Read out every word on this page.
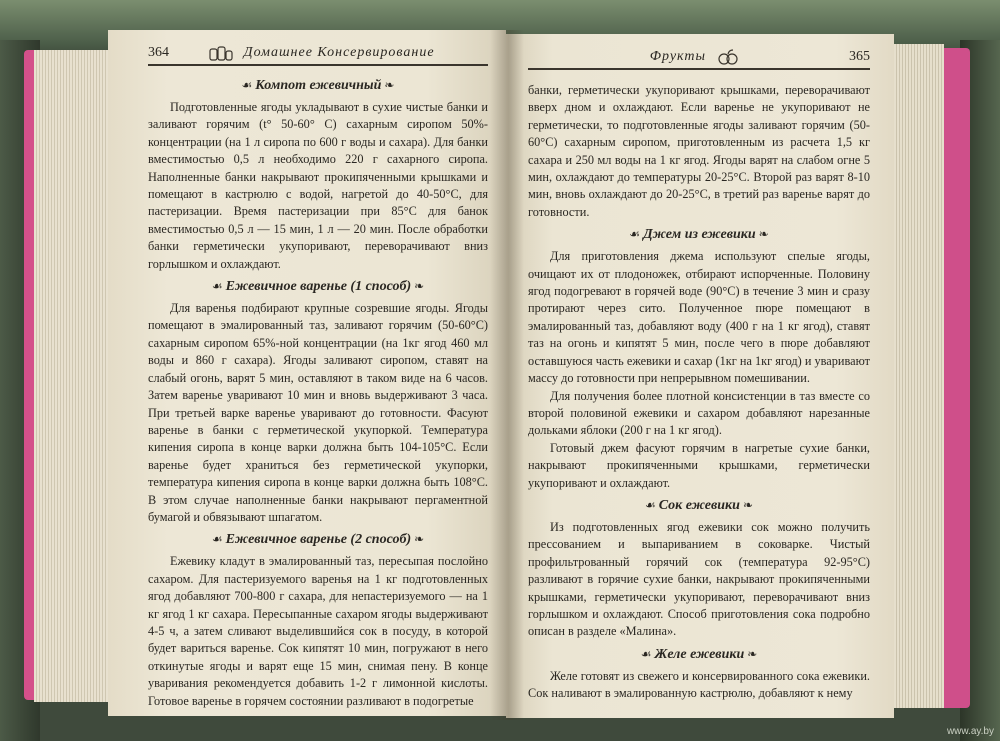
364	Домашнее Консервирование
☙ Компот ежевичный ❧

Подготовленные ягоды укладывают в сухие чистые банки и заливают горячим (t° 50-60° С) сахарным сиропом 50%-концентрации (на 1 л сиропа по 600 г воды и сахара). Для банки вместимостью 0,5 л необходимо 220 г сахарного сиропа. Наполненные банки накрывают прокипяченными крышками и помещают в кастрюлю с водой, нагретой до 40-50°С, для пастеризации. Время пастеризации при 85°С для банок вместимостью 0,5 л — 15 мин, 1 л — 20 мин. После обработки банки герметически укупоривают, переворачивают вниз горлышком и охлаждают.

☙ Ежевичное варенье (1 способ) ❧

Для варенья подбирают крупные созревшие ягоды. Ягоды помещают в эмалированный таз, заливают горячим (50-60°С) сахарным сиропом 65%-ной концентрации (на 1кг ягод 460 мл воды и 860 г сахара). Ягоды заливают сиропом, ставят на слабый огонь, варят 5 мин, оставляют в таком виде на 6 часов. Затем варенье уваривают 10 мин и вновь выдерживают 3 часа. При третьей варке варенье уваривают до готовности. Фасуют варенье в банки с герметической укупоркой. Температура кипения сиропа в конце варки должна быть 104-105°С. Если варенье будет храниться без герметической укупорки, температура кипения сиропа в конце варки должна быть 108°С. В этом случае наполненные банки накрывают пергаментной бумагой и обвязывают шпагатом.

☙ Ежевичное варенье (2 способ) ❧

Ежевику кладут в эмалированный таз, пересыпая послойно сахаром. Для пастеризуемого варенья на 1 кг подготовленных ягод добавляют 700-800 г сахара, для непастеризуемого — на 1 кг ягод 1 кг сахара. Пересыпанные сахаром ягоды выдерживают 4-5 ч, а затем сливают выделившийся сок в посуду, в которой будет вариться варенье. Сок кипятят 10 мин, погружают в него откинутые ягоды и варят еще 15 мин, снимая пену. В конце уваривания рекомендуется добавить 1-2 г лимонной кислоты. Готовое варенье в горячем состоянии разливают в подогретые

Фрукты	365

банки, герметически укупоривают крышками, переворачивают вверх дном и охлаждают. Если варенье не укупоривают не герметически, то подготовленные ягоды заливают горячим (50-60°С) сахарным сиропом, приготовленным из расчета 1,5 кг сахара и 250 мл воды на 1 кг ягод. Ягоды варят на слабом огне 5 мин, охлаждают до температуры 20-25°С. Второй раз варят 8-10 мин, вновь охлаждают до 20-25°С, в третий раз варенье варят до готовности.

☙ Джем из ежевики ❧

Для приготовления джема используют спелые ягоды, очищают их от плодоножек, отбирают испорченные. Половину ягод подогревают в горячей воде (90°С) в течение 3 мин и сразу протирают через сито. Полученное пюре помещают в эмалированный таз, добавляют воду (400 г на 1 кг ягод), ставят таз на огонь и кипятят 5 мин, после чего в пюре добавляют оставшуюся часть ежевики и сахар (1кг на 1кг ягод) и уваривают массу до готовности при непрерывном помешивании.

Для получения более плотной консистенции в таз вместе со второй половиной ежевики и сахаром добавляют нарезанные дольками яблоки (200 г на 1 кг ягод).

Готовый джем фасуют горячим в нагретые сухие банки, накрывают прокипяченными крышками, герметически укупоривают и охлаждают.

☙ Сок ежевики ❧

Из подготовленных ягод ежевики сок можно получить прессованием и выпариванием в соковарке. Чистый профильтрованный горячий сок (температура 92-95°С) разливают в горячие сухие банки, накрывают прокипяченными крышками, герметически укупоривают, переворачивают вниз горлышком и охлаждают. Способ приготовления сока подробно описан в разделе «Малина».

☙ Желе ежевики ❧

Желе готовят из свежего и консервированного сока ежевики. Сок наливают в эмалированную кастрюлю, добавляют к нему

www.ay.by
